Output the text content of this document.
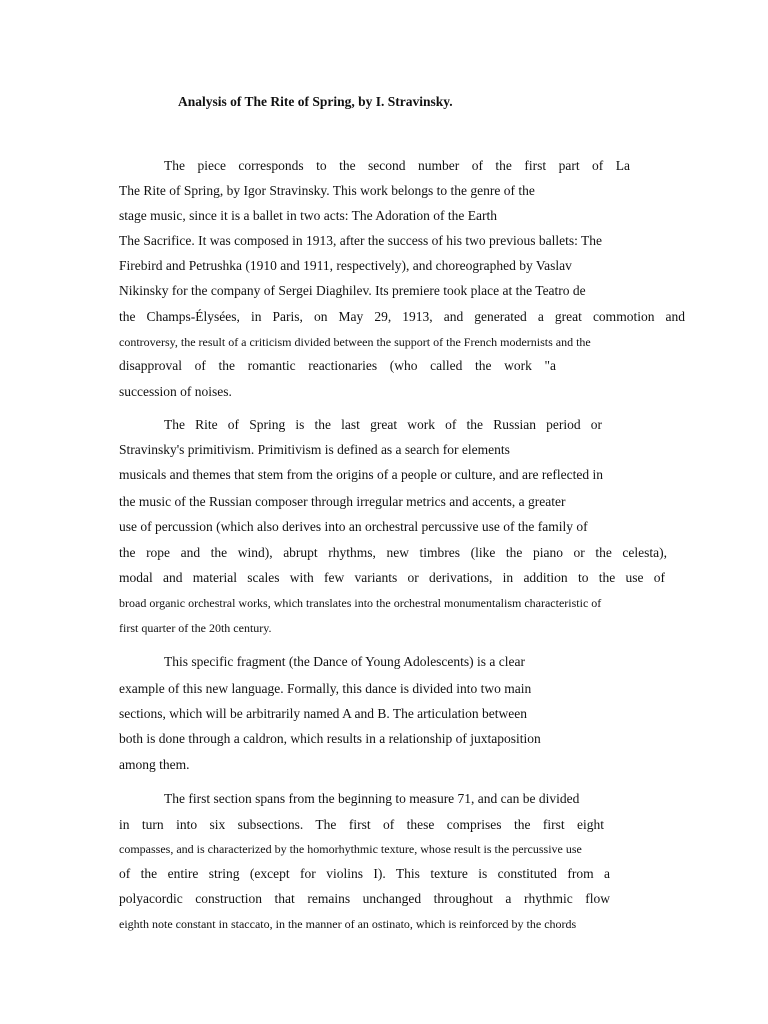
Analysis of The Rite of Spring, by I. Stravinsky.
The piece corresponds to the second number of the first part of La
The Rite of Spring, by Igor Stravinsky. This work belongs to the genre of the
stage music, since it is a ballet in two acts: The Adoration of the Earth
The Sacrifice. It was composed in 1913, after the success of his two previous ballets: The
Firebird and Petrushka (1910 and 1911, respectively), and choreographed by Vaslav
Nikinsky for the company of Sergei Diaghilev. Its premiere took place at the Teatro de
the Champs-Élysées, in Paris, on May 29, 1913, and generated a great commotion and
controversy, the result of a criticism divided between the support of the French modernists and the
disapproval of the romantic reactionaries (who called the work "a
succession of noises.
The Rite of Spring is the last great work of the Russian period or
Stravinsky's primitivism. Primitivism is defined as a search for elements
musicals and themes that stem from the origins of a people or culture, and are reflected in
the music of the Russian composer through irregular metrics and accents, a greater
use of percussion (which also derives into an orchestral percussive use of the family of
the rope and the wind), abrupt rhythms, new timbres (like the piano or the celesta),
modal and material scales with few variants or derivations, in addition to the use of
broad organic orchestral works, which translates into the orchestral monumentalism characteristic of
first quarter of the 20th century.
This specific fragment (the Dance of Young Adolescents) is a clear
example of this new language. Formally, this dance is divided into two main
sections, which will be arbitrarily named A and B. The articulation between
both is done through a caldron, which results in a relationship of juxtaposition
among them.
The first section spans from the beginning to measure 71, and can be divided
in turn into six subsections. The first of these comprises the first eight
compasses, and is characterized by the homorhythmic texture, whose result is the percussive use
of the entire string (except for violins I). This texture is constituted from a
polyacordic construction that remains unchanged throughout a rhythmic flow
eighth note constant in staccato, in the manner of an ostinato, which is reinforced by the chords
